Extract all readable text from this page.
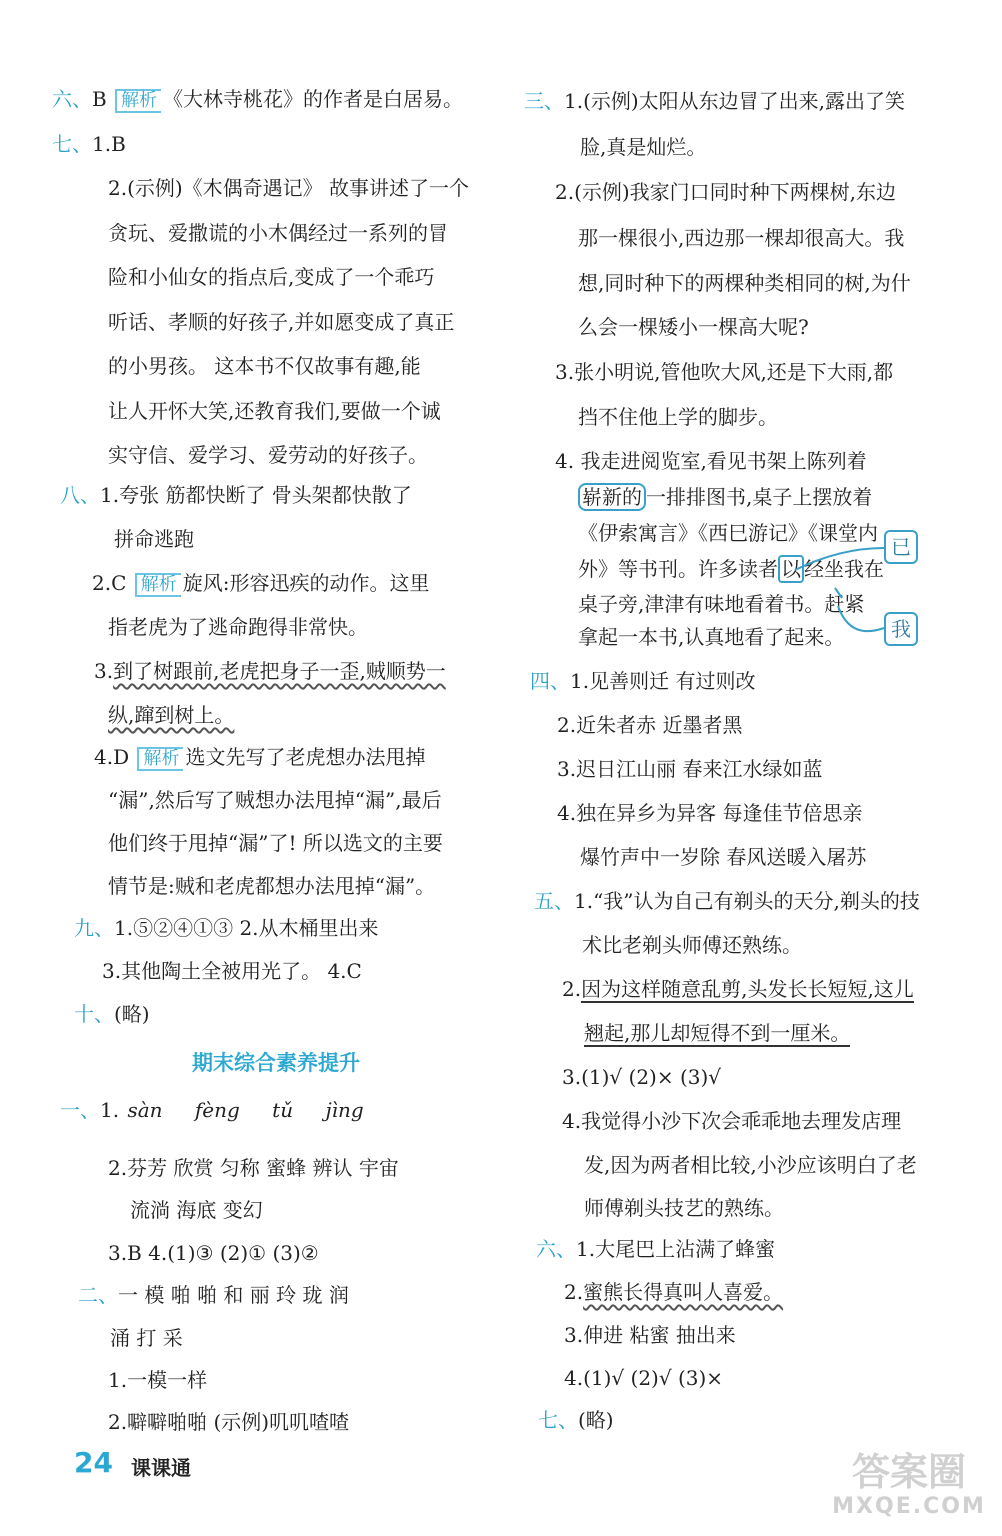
六、B 解析 《大林寺桃花》的作者是白居易。
七、1.B
2.(示例)《木偶奇遇记》 故事讲述了一个
贪玩、爱撒谎的小木偶经过一系列的冒
险和小仙女的指点后,变成了一个乖巧
听话、孝顺的好孩子,并如愿变成了真正
的小男孩。 这本书不仅故事有趣,能
让人开怀大笑,还教育我们,要做一个诚
实守信、爱学习、爱劳动的好孩子。
八、1.夸张 筋都快断了 骨头架都快散了
拼命逃跑
2.C 解析 旋风:形容迅疾的动作。这里
指老虎为了逃命跑得非常快。
3.到了树跟前,老虎把身子一歪,贼顺势一
纵,蹿到树上。
4.D 解析 选文先写了老虎想办法甩掉
“漏”,然后写了贼想办法甩掉“漏”,最后
他们终于甩掉“漏”了! 所以选文的主要
情节是:贼和老虎都想办法甩掉“漏”。
九、1.⑤②④①③ 2.从木桶里出来
3.其他陶土全被用光了。 4.C
十、(略)
期末综合素养提升
一、1. sàn fèng tǔ jìng
2.芬芳 欣赏 匀称 蜜蜂 辨认 宇宙
流淌 海底 变幻
3.B 4.(1)③ (2)① (3)②
二、一 模 啪 啪 和 丽 玲 珑 润
涌 打 采
1.一模一样
2.噼噼啪啪 (示例)叽叽喳喳
三、1.(示例)太阳从东边冒了出来,露出了笑
脸,真是灿烂。
2.(示例)我家门口同时种下两棵树,东边
那一棵很小,西边那一棵却很高大。我
想,同时种下的两棵种类相同的树,为什
么会一棵矮小一棵高大呢?
3.张小明说,管他吹大风,还是下大雨,都
挡不住他上学的脚步。
4. 我走进阅览室,看见书架上陈列着
崭新的 一排排图书,桌子上摆放着
《伊索寓言》《西巳游记》《课堂内
外》等书刊。许多读者 以 经坐我在
桌子旁,津津有味地看着书。赶紧
拿起一本书,认真地看了起来。
已
我
四、1.见善则迁 有过则改
2.近朱者赤 近墨者黑
3.迟日江山丽 春来江水绿如蓝
4.独在异乡为异客 每逢佳节倍思亲
爆竹声中一岁除 春风送暖入屠苏
五、1.“我”认为自己有剃头的天分,剃头的技
术比老剃头师傅还熟练。
2.因为这样随意乱剪,头发长长短短,这儿
翘起,那儿却短得不到一厘米。
3.(1)√ (2)× (3)√
4.我觉得小沙下次会乖乖地去理发店理
发,因为两者相比较,小沙应该明白了老
师傅剃头技艺的熟练。
六、1.大尾巴上沾满了蜂蜜
2.蜜熊长得真叫人喜爱。
3.伸进 粘蜜 抽出来
4.(1)√ (2)√ (3)×
七、(略)
24 课课通	答案圈
MXQE.COM
